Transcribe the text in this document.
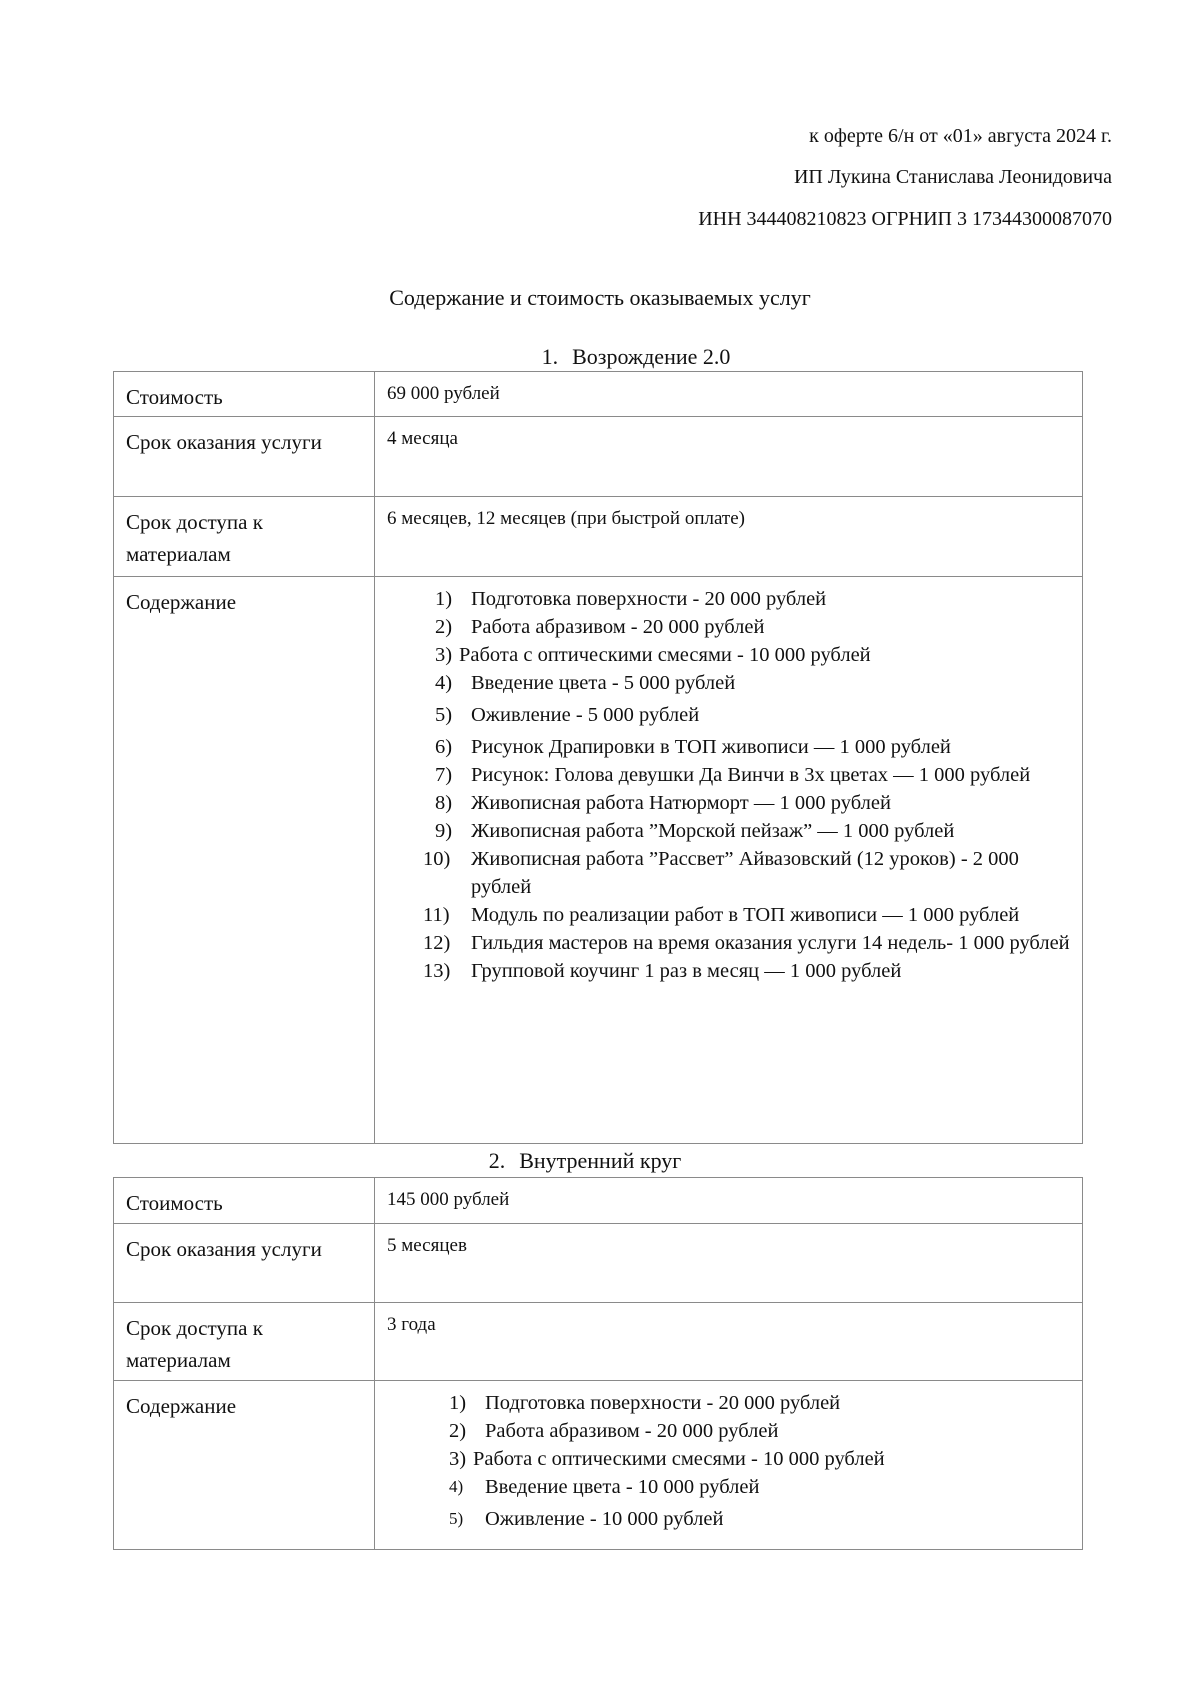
к оферте 6/н от «01» августа 2024 г.
ИП Лукина Станислава Леонидовича
ИНН 344408210823 ОГРНИП 3 17344300087070
Содержание и стоимость оказываемых услуг
1. Возрождение 2.0
Стоимость	69 000 рублей
Срок оказания услуги	4 месяца
Срок доступа к материалам	6 месяцев, 12 месяцев (при быстрой оплате)
Содержание	1) Подготовка поверхности - 20 000 рублей
2) Работа абразивом - 20 000 рублей
3) Работа с оптическими смесями - 10 000 рублей
4) Введение цвета - 5 000 рублей
5) Оживление - 5 000 рублей
6) Рисунок Драпировки в ТОП живописи — 1 000 рублей
7) Рисунок: Голова девушки Да Винчи в 3х цветах — 1 000 рублей
8) Живописная работа Натюрморт — 1 000 рублей
9) Живописная работа ”Морской пейзаж” — 1 000 рублей
10) Живописная работа ”Рассвет” Айвазовский (12 уроков) - 2 000 рублей
11) Модуль по реализации работ в ТОП живописи — 1 000 рублей
12) Гильдия мастеров на время оказания услуги 14 недель- 1 000 рублей
13) Групповой коучинг 1 раз в месяц — 1 000 рублей
2. Внутренний круг
Стоимость	145 000 рублей
Срок оказания услуги	5 месяцев
Срок доступа к материалам	3 года
Содержание	1) Подготовка поверхности - 20 000 рублей
2) Работа абразивом - 20 000 рублей
3) Работа с оптическими смесями - 10 000 рублей
4) Введение цвета - 10 000 рублей
5) Оживление - 10 000 рублей
